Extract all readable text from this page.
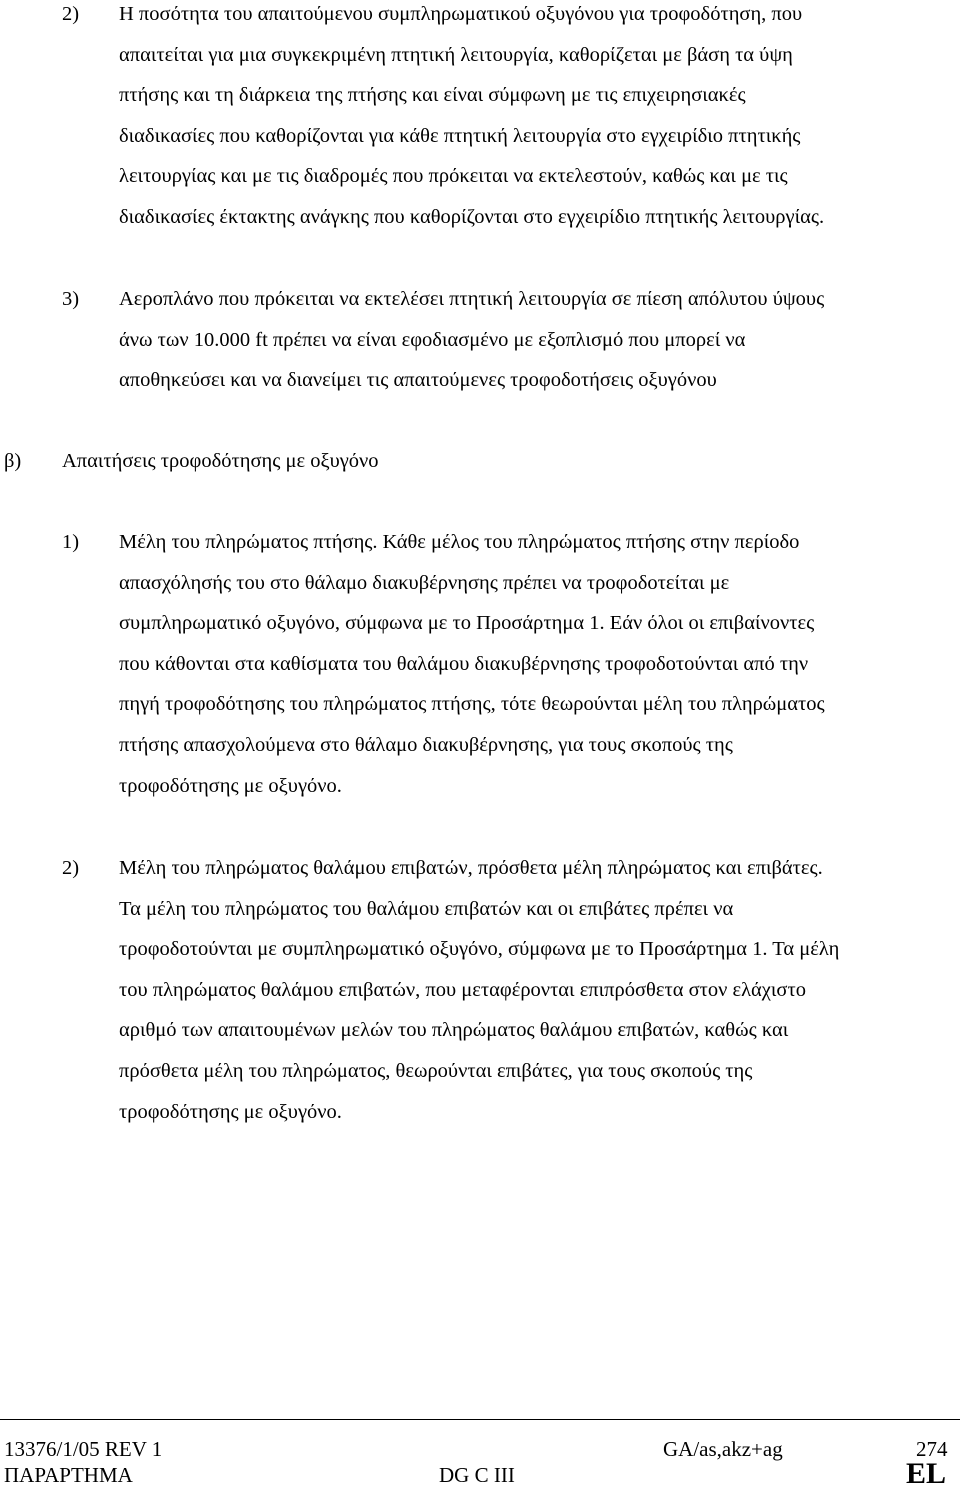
2) Η ποσότητα του απαιτούμενου συμπληρωματικού οξυγόνου για τροφοδότηση, που
απαιτείται για μια συγκεκριμένη πτητική λειτουργία, καθορίζεται με βάση τα ύψη
πτήσης και τη διάρκεια της πτήσης και είναι σύμφωνη με τις επιχειρησιακές
διαδικασίες που καθορίζονται για κάθε πτητική λειτουργία στο εγχειρίδιο πτητικής
λειτουργίας και με τις διαδρομές που πρόκειται να εκτελεστούν, καθώς και με τις
διαδικασίες έκτακτης ανάγκης που καθορίζονται στο εγχειρίδιο πτητικής λειτουργίας.
3) Αεροπλάνο που πρόκειται να εκτελέσει πτητική λειτουργία σε πίεση απόλυτου ύψους
άνω των 10.000 ft πρέπει να είναι εφοδιασμένο με εξοπλισμό που μπορεί να
αποθηκεύσει και να διανείμει τις απαιτούμενες τροφοδοτήσεις οξυγόνου
β) Απαιτήσεις τροφοδότησης με οξυγόνο
1) Μέλη του πληρώματος πτήσης. Κάθε μέλος του πληρώματος πτήσης στην περίοδο
απασχόλησής του στο θάλαμο διακυβέρνησης πρέπει να τροφοδοτείται με
συμπληρωματικό οξυγόνο, σύμφωνα με το Προσάρτημα 1. Εάν όλοι οι επιβαίνοντες
που κάθονται στα καθίσματα του θαλάμου διακυβέρνησης τροφοδοτούνται από την
πηγή τροφοδότησης του πληρώματος πτήσης, τότε θεωρούνται μέλη του πληρώματος
πτήσης απασχολούμενα στο θάλαμο διακυβέρνησης, για τους σκοπούς της
τροφοδότησης με οξυγόνο.
2) Μέλη του πληρώματος θαλάμου επιβατών, πρόσθετα μέλη πληρώματος και επιβάτες.
Τα μέλη του πληρώματος του θαλάμου επιβατών και οι επιβάτες πρέπει να
τροφοδοτούνται με συμπληρωματικό οξυγόνο, σύμφωνα με το Προσάρτημα 1. Τα μέλη
του πληρώματος θαλάμου επιβατών, που μεταφέρονται επιπρόσθετα στον ελάχιστο
αριθμό των απαιτουμένων μελών του πληρώματος θαλάμου επιβατών, καθώς και
πρόσθετα μέλη του πληρώματος, θεωρούνται επιβάτες, για τους σκοπούς της
τροφοδότησης με οξυγόνο.
13376/1/05 REV 1	GA/as,akz+ag	274
ΠΑΡΑΡΤΗΜΑ	DG C III	EL
